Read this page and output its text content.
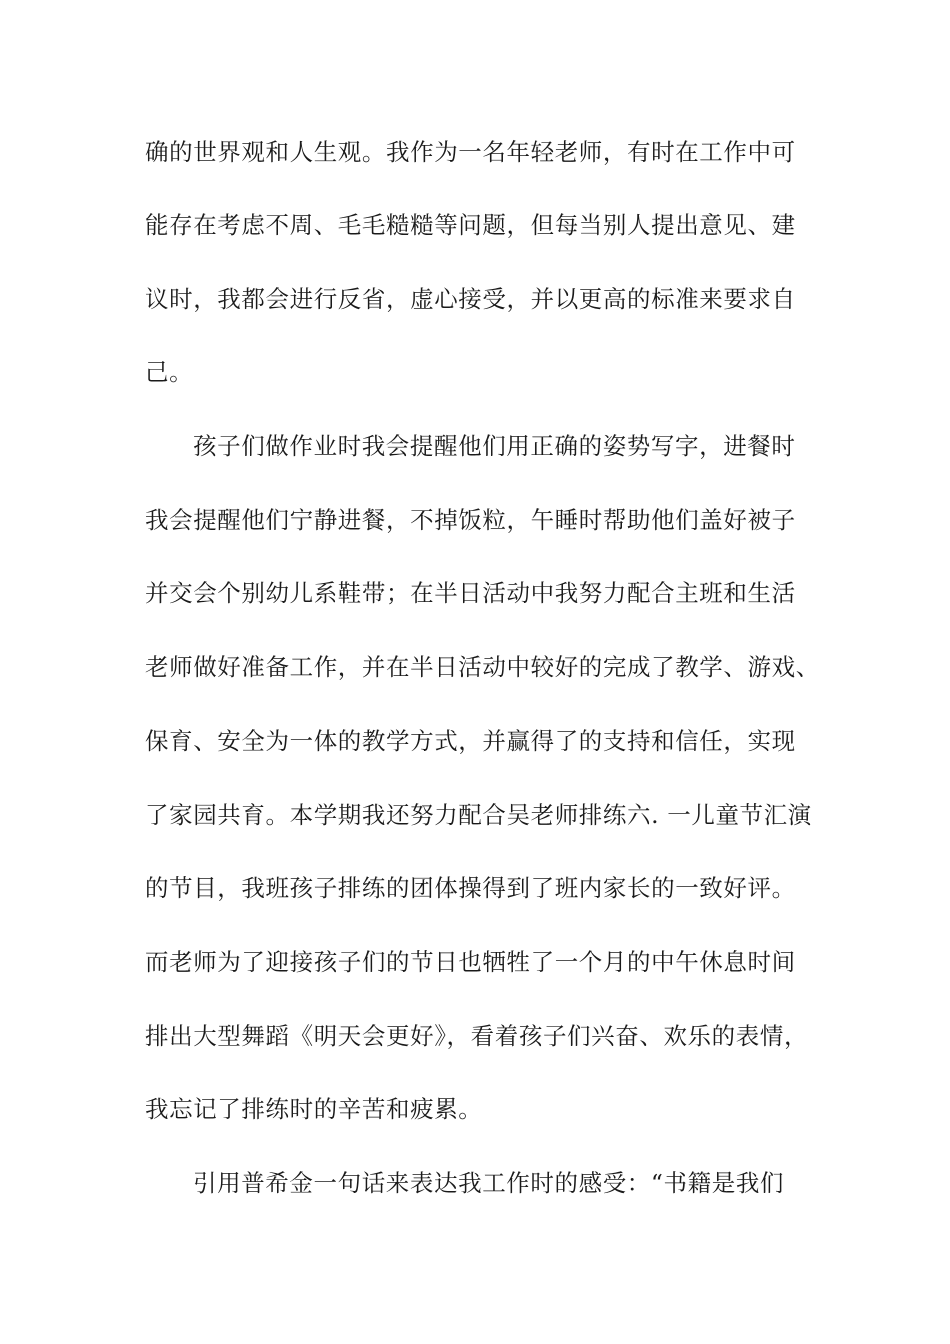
确的世界观和人生观。我作为一名年轻老师，有时在工作中可
能存在考虑不周、毛毛糙糙等问题，但每当别人提出意见、建
议时，我都会进行反省，虚心接受，并以更高的标准来要求自
己。
孩子们做作业时我会提醒他们用正确的姿势写字，进餐时
我会提醒他们宁静进餐，不掉饭粒，午睡时帮助他们盖好被子
并交会个别幼儿系鞋带；在半日活动中我努力配合主班和生活
老师做好准备工作，并在半日活动中较好的完成了教学、游戏、
保育、安全为一体的教学方式，并赢得了的支持和信任，实现
了家园共育。本学期我还努力配合吴老师排练六. 一儿童节汇演
的节目，我班孩子排练的团体操得到了班内家长的一致好评。
而老师为了迎接孩子们的节日也牺牲了一个月的中午休息时间
排出大型舞蹈《明天会更好》，看着孩子们兴奋、欢乐的表情，
我忘记了排练时的辛苦和疲累。
引用普希金一句话来表达我工作时的感受：“书籍是我们
